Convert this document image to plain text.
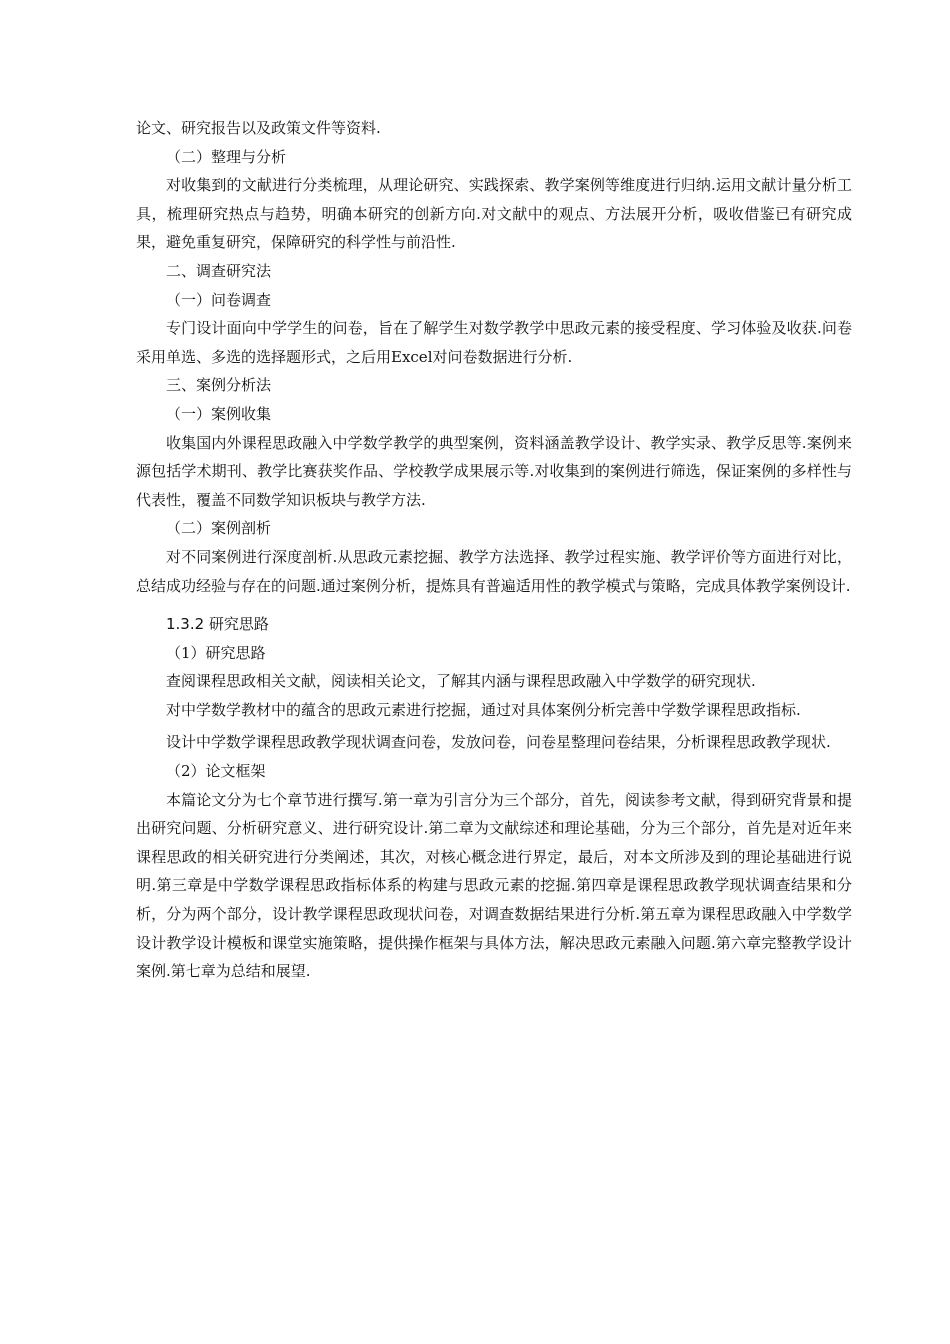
论文、研究报告以及政策文件等资料.

（二）整理与分析

对收集到的文献进行分类梳理，从理论研究、实践探索、教学案例等维度进行归纳.运用文献计量分析工具，梳理研究热点与趋势，明确本研究的创新方向.对文献中的观点、方法展开分析，吸收借鉴已有研究成果，避免重复研究，保障研究的科学性与前沿性.

二、调查研究法

（一）问卷调查

专门设计面向中学学生的问卷，旨在了解学生对数学教学中思政元素的接受程度、学习体验及收获.问卷采用单选、多选的选择题形式，之后用Excel对问卷数据进行分析.

三、案例分析法

（一）案例收集

收集国内外课程思政融入中学数学教学的典型案例，资料涵盖教学设计、教学实录、教学反思等.案例来源包括学术期刊、教学比赛获奖作品、学校教学成果展示等.对收集到的案例进行筛选，保证案例的多样性与代表性，覆盖不同数学知识板块与教学方法.

（二）案例剖析

对不同案例进行深度剖析.从思政元素挖掘、教学方法选择、教学过程实施、教学评价等方面进行对比，总结成功经验与存在的问题.通过案例分析，提炼具有普遍适用性的教学模式与策略，完成具体教学案例设计.

1.3.2 研究思路

（1）研究思路

查阅课程思政相关文献，阅读相关论文，了解其内涵与课程思政融入中学数学的研究现状.

对中学数学教材中的蕴含的思政元素进行挖掘，通过对具体案例分析完善中学数学课程思政指标.

设计中学数学课程思政教学现状调查问卷，发放问卷，问卷星整理问卷结果，分析课程思政教学现状.

（2）论文框架

本篇论文分为七个章节进行撰写.第一章为引言分为三个部分，首先，阅读参考文献，得到研究背景和提出研究问题、分析研究意义、进行研究设计.第二章为文献综述和理论基础，分为三个部分，首先是对近年来课程思政的相关研究进行分类阐述，其次，对核心概念进行界定，最后，对本文所涉及到的理论基础进行说明.第三章是中学数学课程思政指标体系的构建与思政元素的挖掘.第四章是课程思政教学现状调查结果和分析，分为两个部分，设计教学课程思政现状问卷，对调查数据结果进行分析.第五章为课程思政融入中学数学设计教学设计模板和课堂实施策略，提供操作框架与具体方法，解决思政元素融入问题.第六章完整教学设计案例.第七章为总结和展望.
